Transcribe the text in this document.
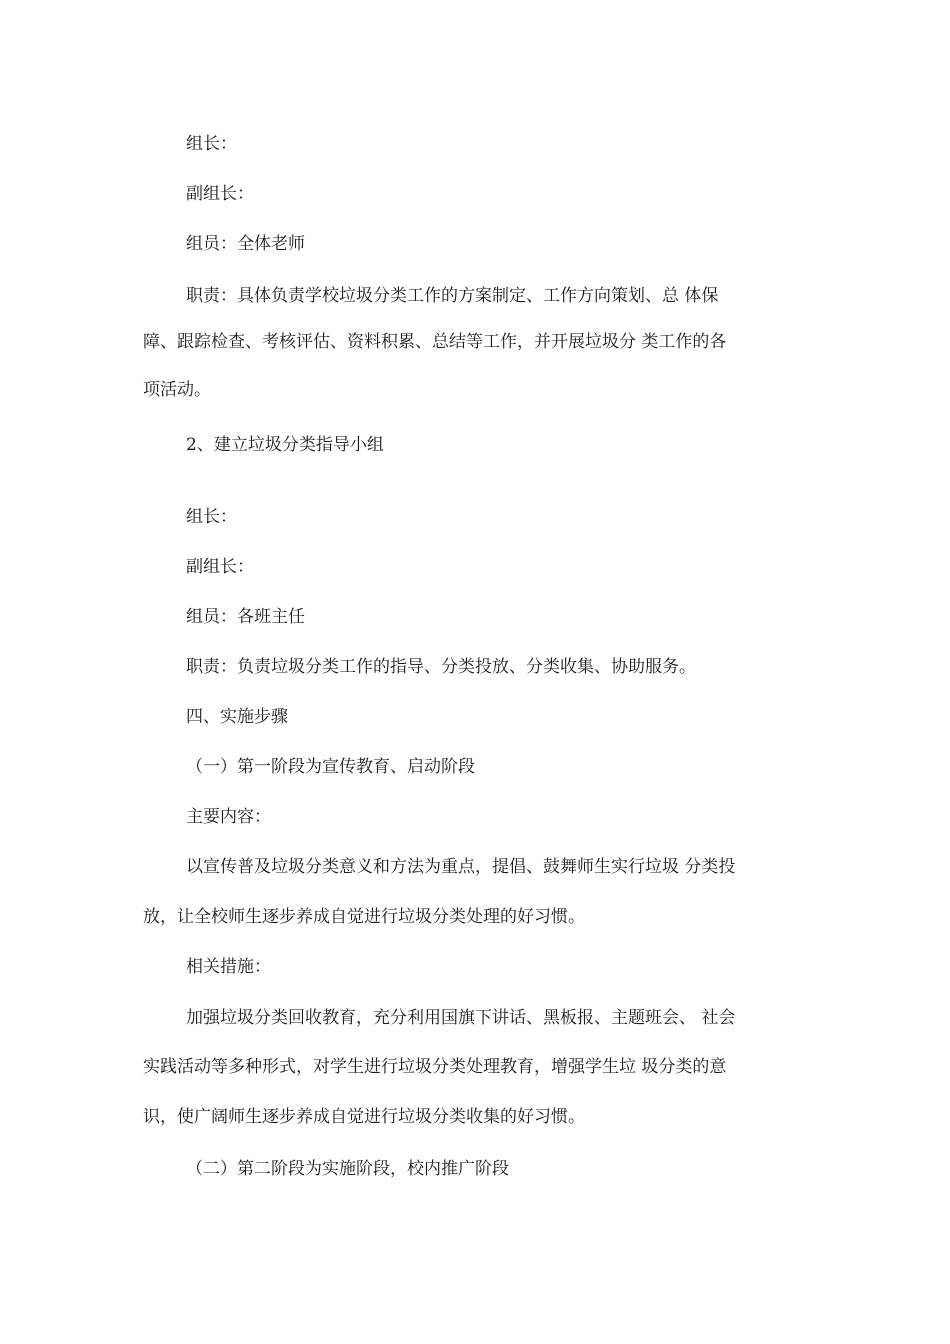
组长：

副组长：

组员：全体老师

职责：具体负责学校垃圾分类工作的方案制定、工作方向策划、总 体保

障、跟踪检查、考核评估、资料积累、总结等工作，并开展垃圾分 类工作的各

项活动。

2、建立垃圾分类指导小组

组长：

副组长：

组员：各班主任

职责：负责垃圾分类工作的指导、分类投放、分类收集、协助服务。

四、实施步骤

（一）第一阶段为宣传教育、启动阶段

主要内容：

以宣传普及垃圾分类意义和方法为重点，提倡、鼓舞师生实行垃圾 分类投

放，让全校师生逐步养成自觉进行垃圾分类处理的好习惯。

相关措施：

加强垃圾分类回收教育，充分利用国旗下讲话、黑板报、主题班会、 社会

实践活动等多种形式，对学生进行垃圾分类处理教育，增强学生垃 圾分类的意

识，使广阔师生逐步养成自觉进行垃圾分类收集的好习惯。

（二）第二阶段为实施阶段，校内推广阶段
